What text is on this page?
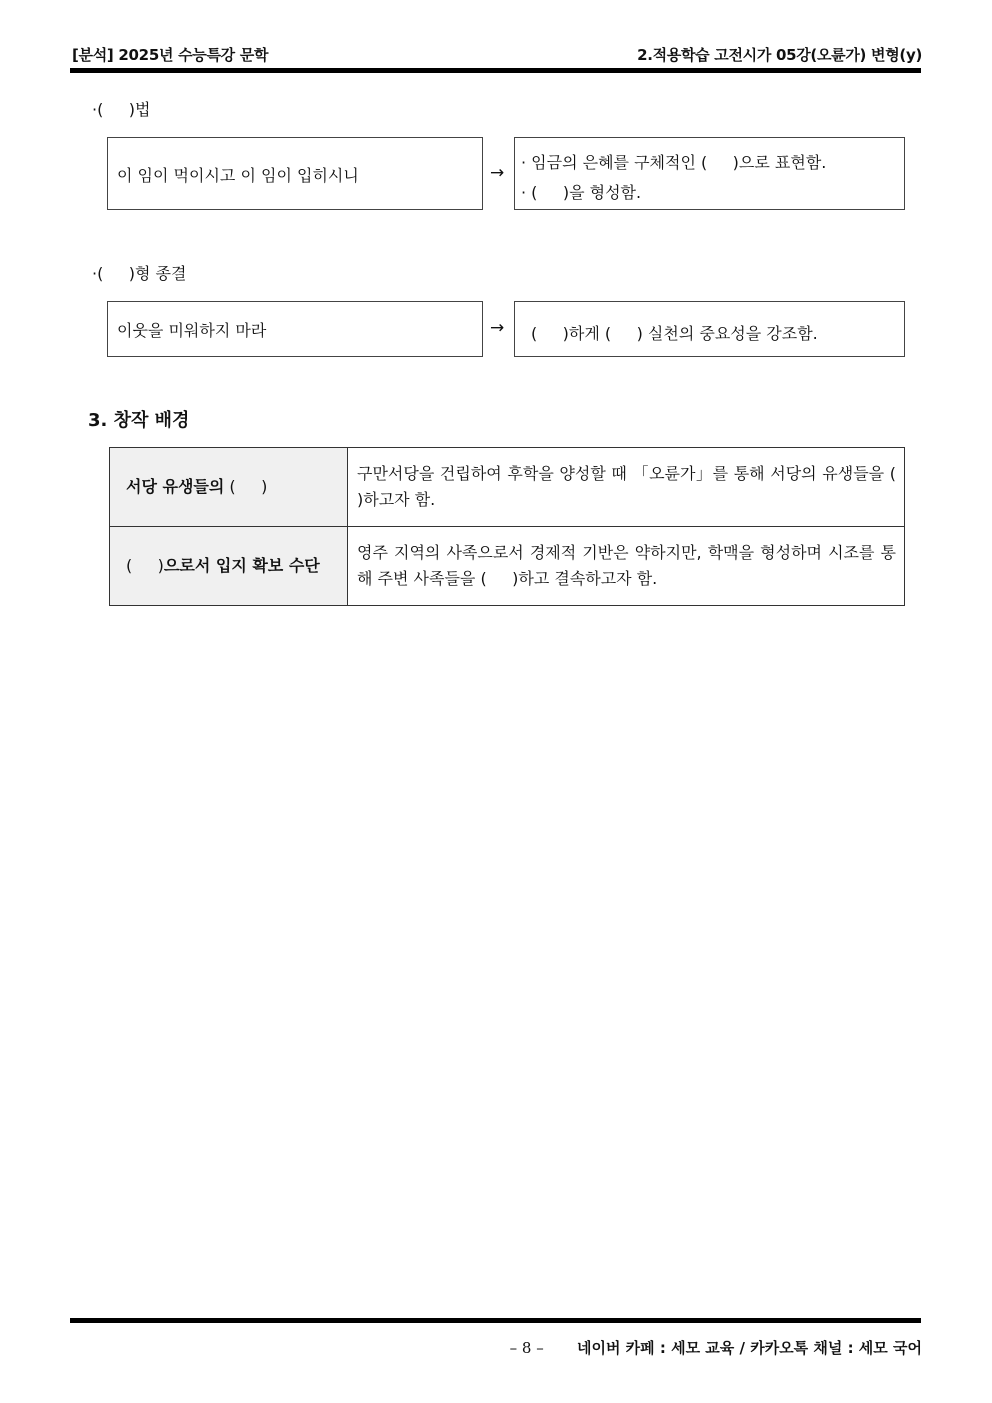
[분석] 2025년 수능특강 문학	2.적용학습 고전시가 05강(오륜가) 변형(y)
·(     )법
이 임이 먹이시고 이 임이 입히시니	→
· 임금의 은혜를 구체적인 (     )으로 표현함.
· (     )을 형성함.
·(     )형 종결
이웃을 미워하지 마라	→ (     )하게 (     ) 실천의 중요성을 강조함.
3. 창작 배경
서당 유생들의 (     )	구만서당을 건립하여 후학을 양성할 때 「오륜가」를 통해 서당의 유생들을 (     )하고자 함.
(     )으로서 입지 확보 수단	영주 지역의 사족으로서 경제적 기반은 약하지만, 학맥을 형성하며 시조를 통해 주변 사족들을 (     )하고 결속하고자 함.
– 8 – 네이버 카페 : 세모 교육 / 카카오톡 채널 : 세모 국어
